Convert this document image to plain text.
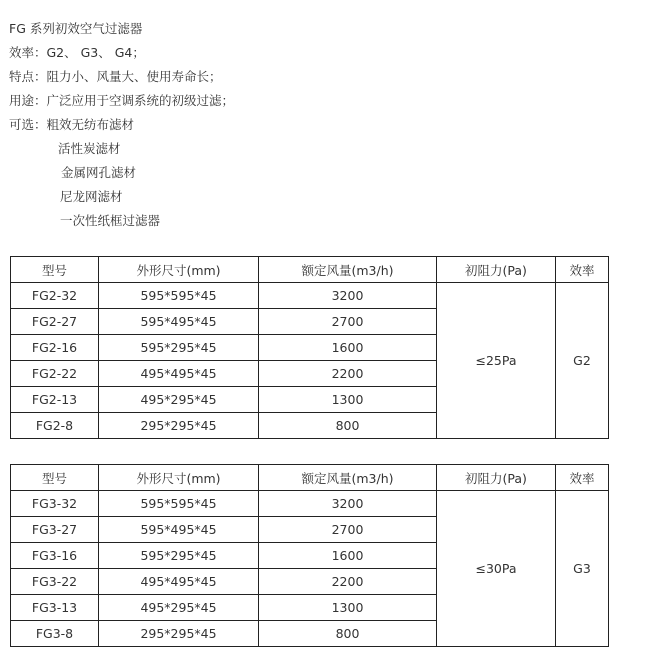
FG 系列初效空气过滤器
效率：G2、 G3、 G4；
特点：阻力小、风量大、使用寿命长；
用途：广泛应用于空调系统的初级过滤；
可选：粗效无纺布滤材
活性炭滤材
金属网孔滤材
尼龙网滤材
一次性纸框过滤器
型号	外形尺寸(mm)	额定风量(m3/h)	初阻力(Pa)	效率
FG2-32	595*595*45	3200	≤25Pa	G2
FG2-27	595*495*45	2700		
FG2-16	595*295*45	1600		
FG2-22	495*495*45	2200		
FG2-13	495*295*45	1300		
FG2-8	295*295*45	800		
型号	外形尺寸(mm)	额定风量(m3/h)	初阻力(Pa)	效率
FG3-32	595*595*45	3200	≤30Pa	G3
FG3-27	595*495*45	2700		
FG3-16	595*295*45	1600		
FG3-22	495*495*45	2200		
FG3-13	495*295*45	1300		
FG3-8	295*295*45	800		
